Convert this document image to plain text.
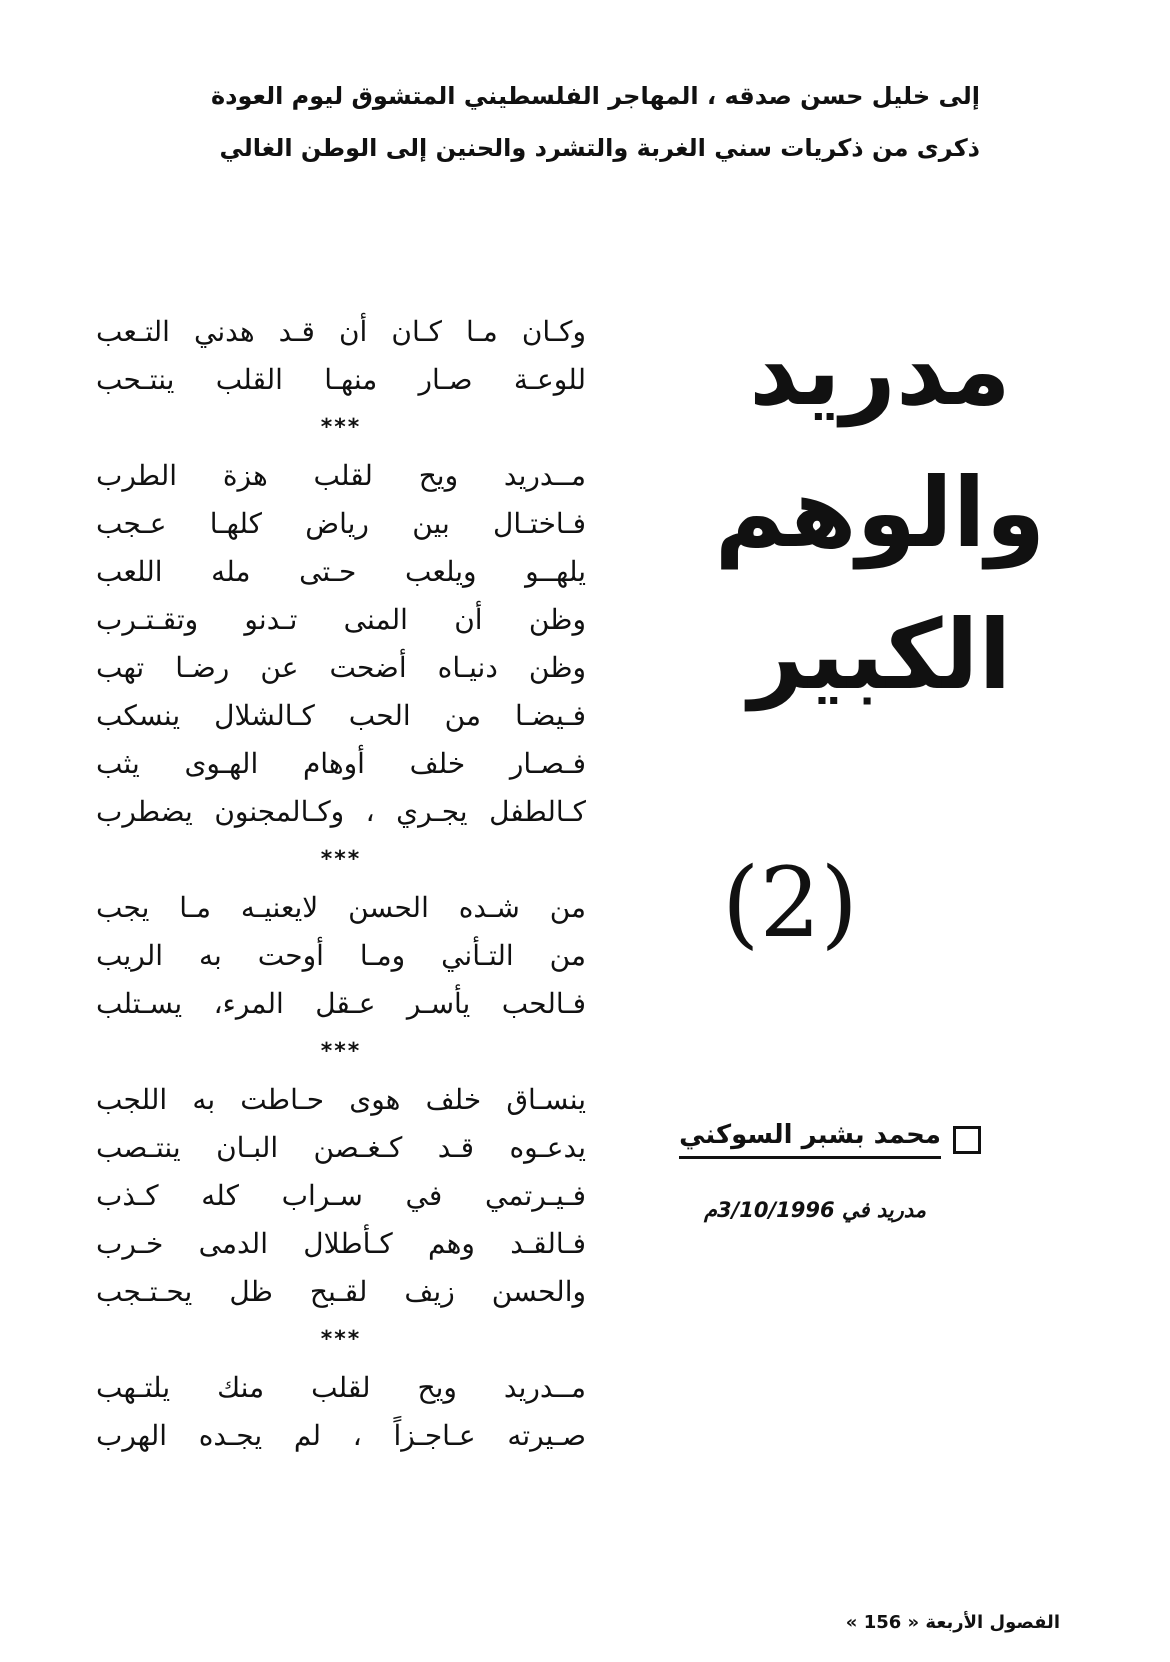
إلى خليل حسن صدقه ، المهاجر الفلسطيني المتشوق ليوم العودة
ذكرى من ذكريات سني الغربة والتشرد والحنين إلى الوطن الغالي
مدريد
والوهم
الكبير
(2)
وكـان مـا كـان أن قـد هدني التـعب
للوعـة صـار منهـا القلب ينتـحب
***
مــدريد ويح لقلب هزة الطرب
فـاختـال بين رياض كلهـا عـجب
يلهــو ويلعب حـتى مله اللعب
وظن أن المنى تـدنو وتقـتـرب
وظن دنيـاه أضحت عن رضـا تهب
فـيضـا من الحب كـالشلال ينسكب
فـصـار خلف أوهام الهـوى يثب
كـالطفل يجـري ، وكـالمجنون يضطرب
***
من شـده الحسن لايعنيـه مـا يجب
من التـأني ومـا أوحت به الريب
فـالحب يأسـر عـقل المرء، يسـتلب
***
ينسـاق خلف هوى حـاطت به اللجب
يدعـوه قـد كـغـصن البـان ينتـصب
فـيـرتمي في سـراب كله كـذب
فـالقـد وهم كـأطلال الدمى خـرب
والحسن زيف لقـبح ظل يحـتـجب
***
مــدريد ويح لقلب منك يلتـهب
صـيرته عـاجـزاً ، لم يجـده الهرب
محمد بشبر السوكني
مدريد في 3/10/1996م
الفصول الأربعة « 156 »
